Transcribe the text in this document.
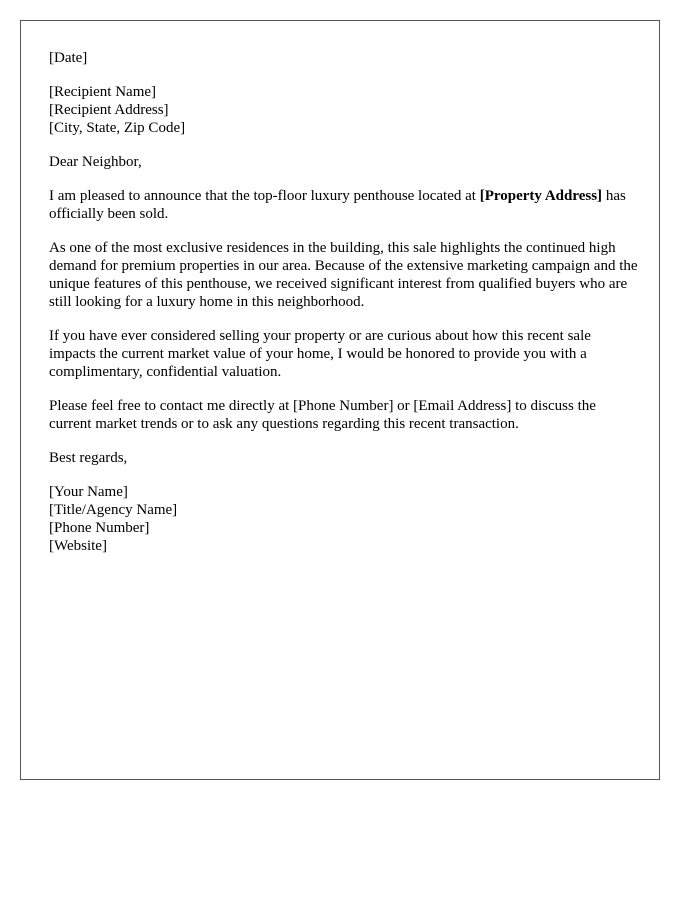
[Date]

[Recipient Name]
[Recipient Address]
[City, State, Zip Code]

Dear Neighbor,

I am pleased to announce that the top-floor luxury penthouse located at [Property Address] has officially been sold.

As one of the most exclusive residences in the building, this sale highlights the continued high demand for premium properties in our area. Because of the extensive marketing campaign and the unique features of this penthouse, we received significant interest from qualified buyers who are still looking for a luxury home in this neighborhood.

If you have ever considered selling your property or are curious about how this recent sale impacts the current market value of your home, I would be honored to provide you with a complimentary, confidential valuation.

Please feel free to contact me directly at [Phone Number] or [Email Address] to discuss the current market trends or to ask any questions regarding this recent transaction.

Best regards,

[Your Name]
[Title/Agency Name]
[Phone Number]
[Website]
